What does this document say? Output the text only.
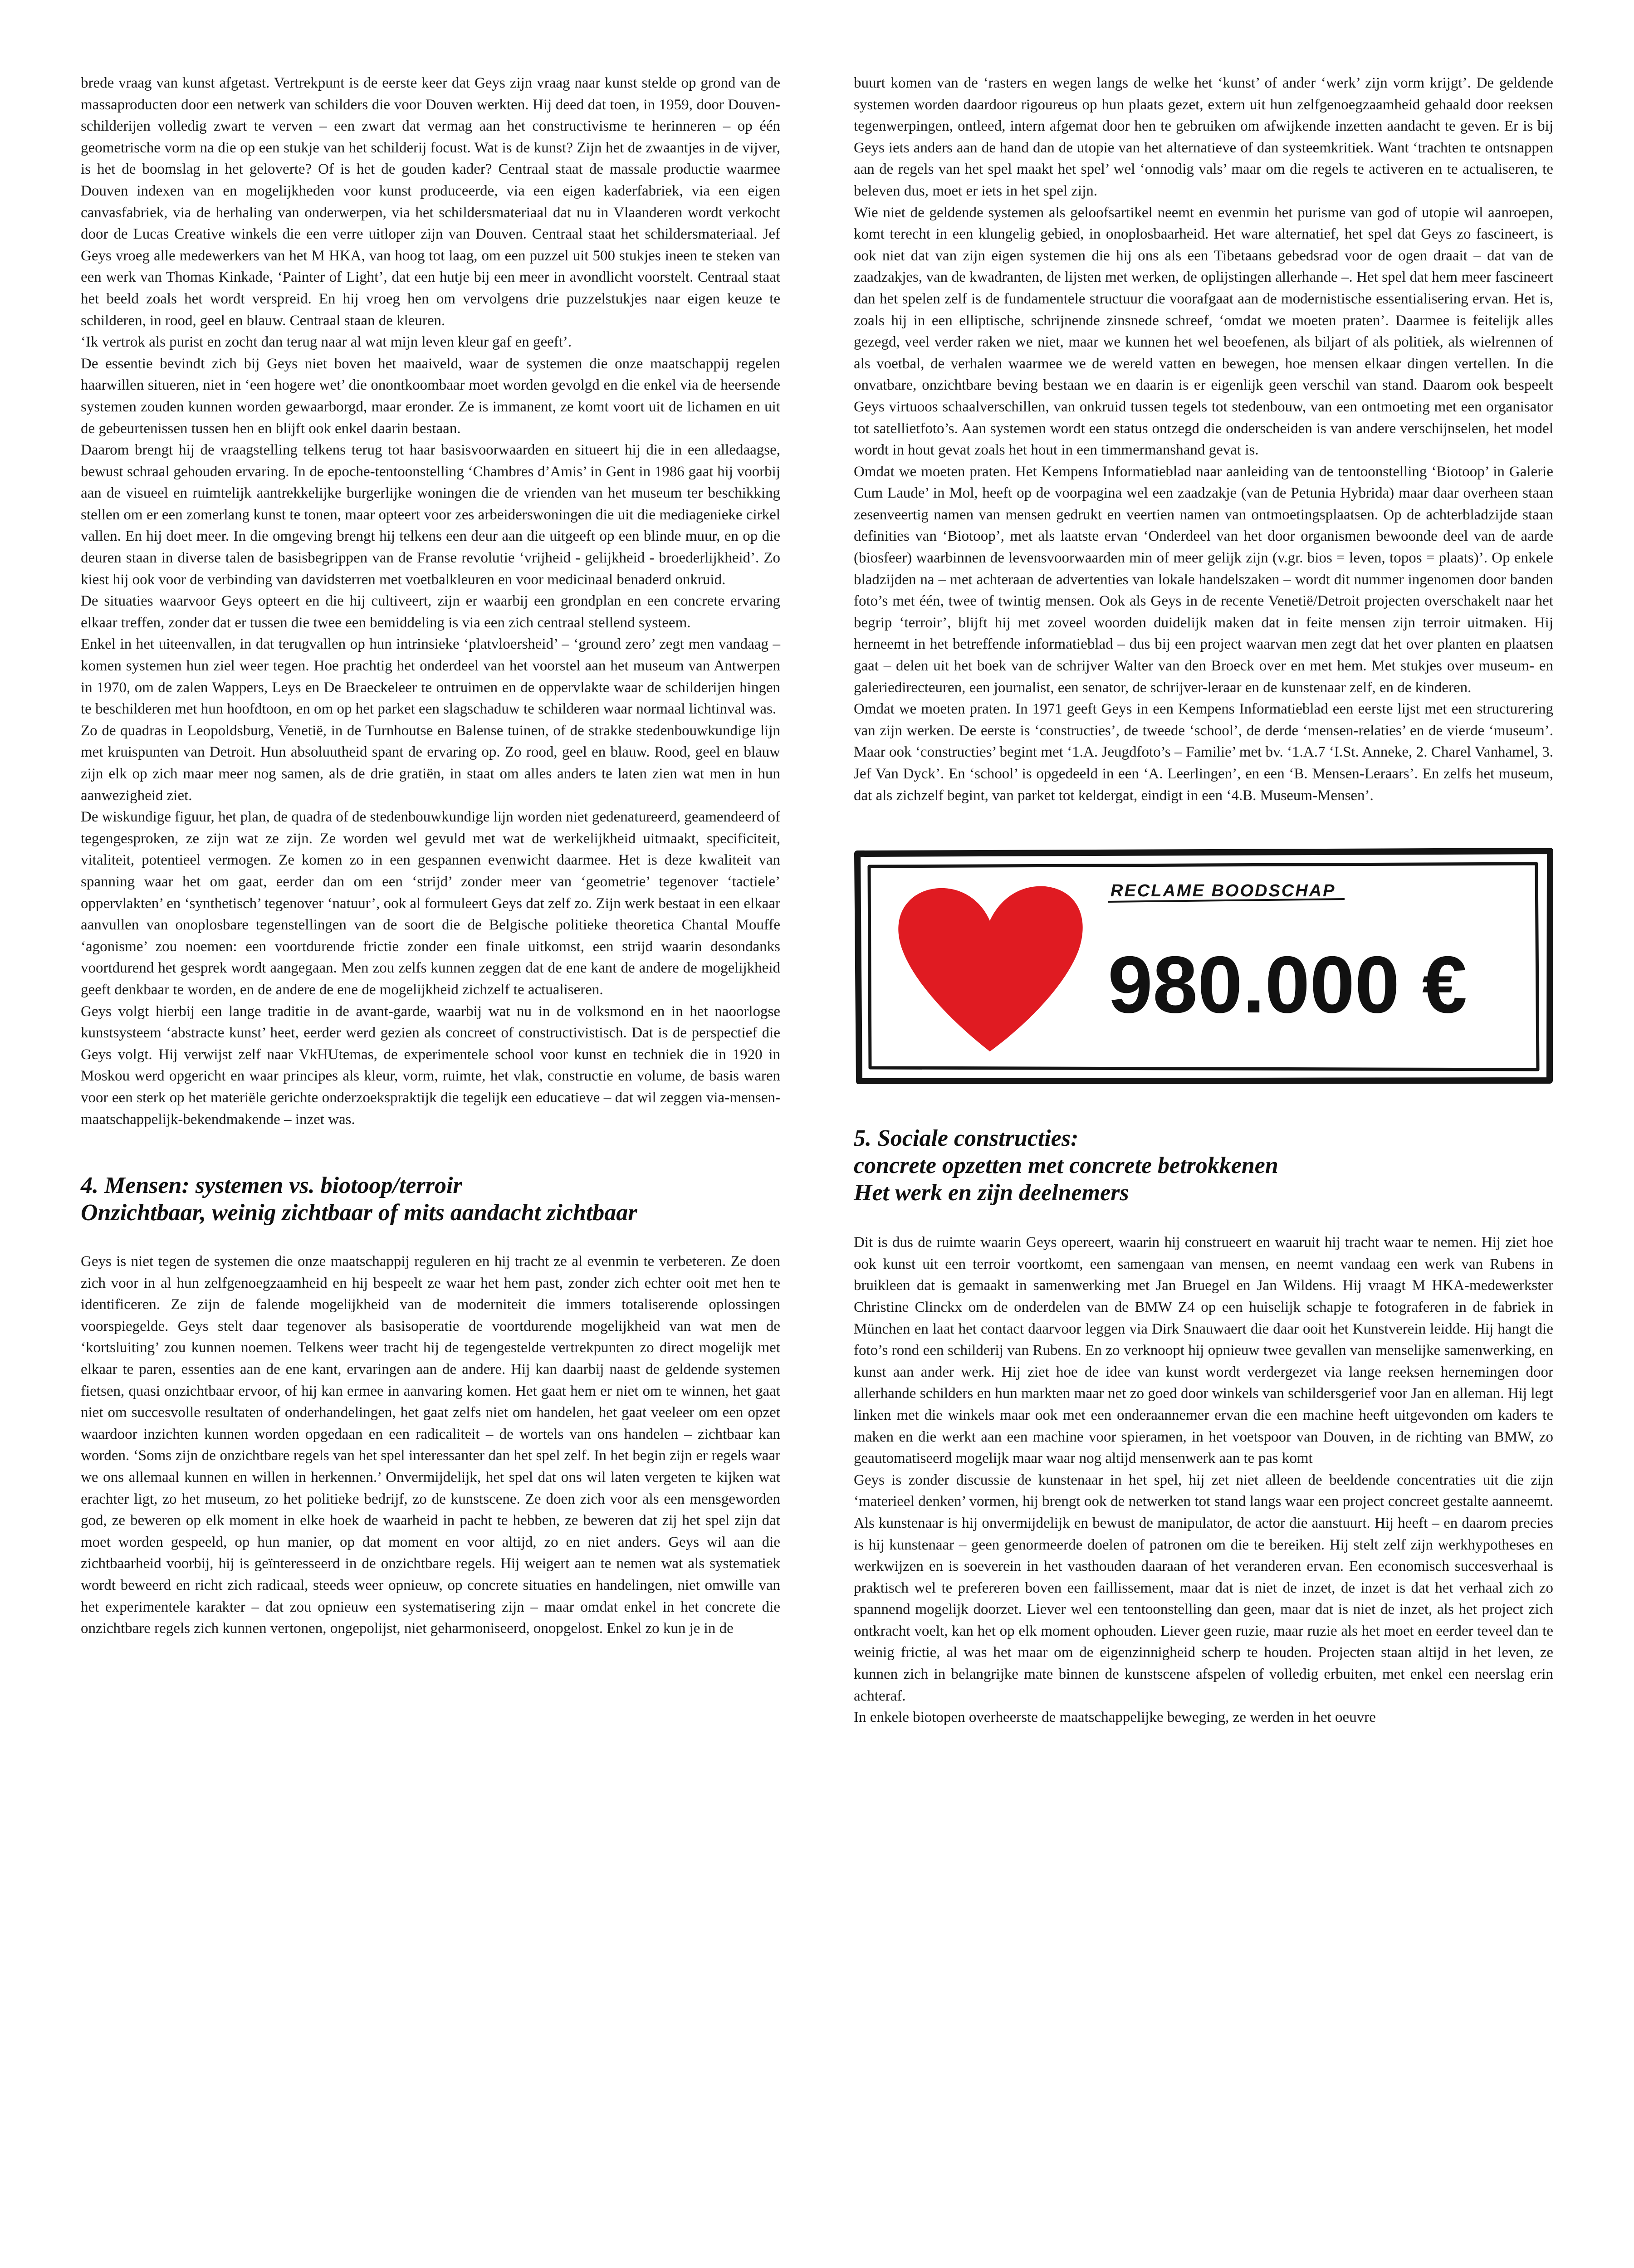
brede vraag van kunst afgetast. Vertrekpunt is de eerste keer dat Geys zijn vraag naar kunst stelde op grond van de massaproducten door een netwerk van schilders die voor Douven werkten. Hij deed dat toen, in 1959, door Douven-schilderijen volledig zwart te verven – een zwart dat vermag aan het constructivisme te herinneren – op één geometrische vorm na die op een stukje van het schilderij focust. Wat is de kunst? Zijn het de zwaantjes in de vijver, is het de boomslag in het geloverte? Of is het de gouden kader? Centraal staat de massale productie waarmee Douven indexen van en mogelijkheden voor kunst produceerde, via een eigen kaderfabriek, via een eigen canvasfabriek, via de herhaling van onderwerpen, via het schildersmateriaal dat nu in Vlaanderen wordt verkocht door de Lucas Creative winkels die een verre uitloper zijn van Douven. Centraal staat het schildersmateriaal. Jef Geys vroeg alle medewerkers van het M HKA, van hoog tot laag, om een puzzel uit 500 stukjes ineen te steken van een werk van Thomas Kinkade, ‘Painter of Light’, dat een hutje bij een meer in avondlicht voorstelt. Centraal staat het beeld zoals het wordt verspreid. En hij vroeg hen om vervolgens drie puzzelstukjes naar eigen keuze te schilderen, in rood, geel en blauw. Centraal staan de kleuren.

‘Ik vertrok als purist en zocht dan terug naar al wat mijn leven kleur gaf en geeft’.

De essentie bevindt zich bij Geys niet boven het maaiveld, waar de systemen die onze maatschappij regelen haarwillen situeren, niet in ‘een hogere wet’ die onontkoombaar moet worden gevolgd en die enkel via de heersende systemen zouden kunnen worden gewaarborgd, maar eronder. Ze is immanent, ze komt voort uit de lichamen en uit de gebeurtenissen tussen hen en blijft ook enkel daarin bestaan.

Daarom brengt hij de vraagstelling telkens terug tot haar basisvoorwaarden en situeert hij die in een alledaagse, bewust schraal gehouden ervaring. In de epoche-tentoonstelling ‘Chambres d’Amis’ in Gent in 1986 gaat hij voorbij aan de visueel en ruimtelijk aantrekkelijke burgerlijke woningen die de vrienden van het museum ter beschikking stellen om er een zomerlang kunst te tonen, maar opteert voor zes arbeiderswoningen die uit die mediagenieke cirkel vallen. En hij doet meer. In die omgeving brengt hij telkens een deur aan die uitgeeft op een blinde muur, en op die deuren staan in diverse talen de basisbegrippen van de Franse revolutie ‘vrijheid - gelijkheid - broederlijkheid’. Zo kiest hij ook voor de verbinding van davidsterren met voetbalkleuren en voor medicinaal benaderd onkruid.

De situaties waarvoor Geys opteert en die hij cultiveert, zijn er waarbij een grondplan en een concrete ervaring elkaar treffen, zonder dat er tussen die twee een bemiddeling is via een zich centraal stellend systeem.

Enkel in het uiteenvallen, in dat terugvallen op hun intrinsieke ‘platvloersheid’ – ‘ground zero’ zegt men vandaag – komen systemen hun ziel weer tegen. Hoe prachtig het onderdeel van het voorstel aan het museum van Antwerpen in 1970, om de zalen Wappers, Leys en De Braeckeleer te ontruimen en de oppervlakte waar de schilderijen hingen te beschilderen met hun hoofdtoon, en om op het parket een slagschaduw te schilderen waar normaal lichtinval was.

Zo de quadras in Leopoldsburg, Venetië, in de Turnhoutse en Balense tuinen, of de strakke stedenbouwkundige lijn met kruispunten van Detroit. Hun absoluutheid spant de ervaring op. Zo rood, geel en blauw. Rood, geel en blauw zijn elk op zich maar meer nog samen, als de drie gratiën, in staat om alles anders te laten zien wat men in hun aanwezigheid ziet.

De wiskundige figuur, het plan, de quadra of de stedenbouwkundige lijn worden niet gedenatureerd, geamendeerd of tegengesproken, ze zijn wat ze zijn. Ze worden wel gevuld met wat de werkelijkheid uitmaakt, specificiteit, vitaliteit, potentieel vermogen. Ze komen zo in een gespannen evenwicht daarmee. Het is deze kwaliteit van spanning waar het om gaat, eerder dan om een ‘strijd’ zonder meer van ‘geometrie’ tegenover ‘tactiele’ oppervlakten’ en ‘synthetisch’ tegenover ‘natuur’, ook al formuleert Geys dat zelf zo. Zijn werk bestaat in een elkaar aanvullen van onoplosbare tegenstellingen van de soort die de Belgische politieke theoretica Chantal Mouffe ‘agonisme’ zou noemen: een voortdurende frictie zonder een finale uitkomst, een strijd waarin desondanks voortdurend het gesprek wordt aangegaan. Men zou zelfs kunnen zeggen dat de ene kant de andere de mogelijkheid geeft denkbaar te worden, en de andere de ene de mogelijkheid zichzelf te actualiseren.

Geys volgt hierbij een lange traditie in de avant-garde, waarbij wat nu in de volksmond en in het naoorlogse kunstsysteem ‘abstracte kunst’ heet, eerder werd gezien als concreet of constructivistisch. Dat is de perspectief die Geys volgt. Hij verwijst zelf naar VkHUtemas, de experimentele school voor kunst en techniek die in 1920 in Moskou werd opgericht en waar principes als kleur, vorm, ruimte, het vlak, constructie en volume, de basis waren voor een sterk op het materiële gerichte onderzoekspraktijk die tegelijk een educatieve – dat wil zeggen via-mensen-maatschappelijk-bekendmakende – inzet was.

4. Mensen: systemen vs. biotoop/terroir
Onzichtbaar, weinig zichtbaar of mits aandacht zichtbaar

Geys is niet tegen de systemen die onze maatschappij reguleren en hij tracht ze al evenmin te verbeteren. Ze doen zich voor in al hun zelfgenoegzaamheid en hij bespeelt ze waar het hem past, zonder zich echter ooit met hen te identificeren. Ze zijn de falende mogelijkheid van de moderniteit die immers totaliserende oplossingen voorspiegelde. Geys stelt daar tegenover als basisoperatie de voortdurende mogelijkheid van wat men de ‘kortsluiting’ zou kunnen noemen. Telkens weer tracht hij de tegengestelde vertrekpunten zo direct mogelijk met elkaar te paren, essenties aan de ene kant, ervaringen aan de andere. Hij kan daarbij naast de geldende systemen fietsen, quasi onzichtbaar ervoor, of hij kan ermee in aanvaring komen. Het gaat hem er niet om te winnen, het gaat niet om succesvolle resultaten of onderhandelingen, het gaat zelfs niet om handelen, het gaat veeleer om een opzet waardoor inzichten kunnen worden opgedaan en een radicaliteit – de wortels van ons handelen – zichtbaar kan worden. ‘Soms zijn de onzichtbare regels van het spel interessanter dan het spel zelf. In het begin zijn er regels waar we ons allemaal kunnen en willen in herkennen.’ Onvermijdelijk, het spel dat ons wil laten vergeten te kijken wat erachter ligt, zo het museum, zo het politieke bedrijf, zo de kunstscene. Ze doen zich voor als een mensgeworden god, ze beweren op elk moment in elke hoek de waarheid in pacht te hebben, ze beweren dat zij het spel zijn dat moet worden gespeeld, op hun manier, op dat moment en voor altijd, zo en niet anders. Geys wil aan die zichtbaarheid voorbij, hij is geïnteresseerd in de onzichtbare regels. Hij weigert aan te nemen wat als systematiek wordt beweerd en richt zich radicaal, steeds weer opnieuw, op concrete situaties en handelingen, niet omwille van het experimentele karakter – dat zou opnieuw een systematisering zijn – maar omdat enkel in het concrete die onzichtbare regels zich kunnen vertonen, ongepolijst, niet geharmoniseerd, onopgelost. Enkel zo kun je in de

buurt komen van de ‘rasters en wegen langs de welke het ‘kunst’ of ander ‘werk’ zijn vorm krijgt’. De geldende systemen worden daardoor rigoureus op hun plaats gezet, extern uit hun zelfgenoegzaamheid gehaald door reeksen tegenwerpingen, ontleed, intern afgemat door hen te gebruiken om afwijkende inzetten aandacht te geven. Er is bij Geys iets anders aan de hand dan de utopie van het alternatieve of dan systeemkritiek. Want ‘trachten te ontsnappen aan de regels van het spel maakt het spel’ wel ‘onnodig vals’ maar om die regels te activeren en te actualiseren, te beleven dus, moet er iets in het spel zijn.

Wie niet de geldende systemen als geloofsartikel neemt en evenmin het purisme van god of utopie wil aanroepen, komt terecht in een klungelig gebied, in onoplosbaarheid. Het ware alternatief, het spel dat Geys zo fascineert, is ook niet dat van zijn eigen systemen die hij ons als een Tibetaans gebedsrad voor de ogen draait – dat van de zaadzakjes, van de kwadranten, de lijsten met werken, de oplijstingen allerhande –. Het spel dat hem meer fascineert dan het spelen zelf is de fundamentele structuur die voorafgaat aan de modernistische essentialisering ervan. Het is, zoals hij in een elliptische, schrijnende zinsnede schreef, ‘omdat we moeten praten’. Daarmee is feitelijk alles gezegd, veel verder raken we niet, maar we kunnen het wel beoefenen, als biljart of als politiek, als wielrennen of als voetbal, de verhalen waarmee we de wereld vatten en bewegen, hoe mensen elkaar dingen vertellen. In die onvatbare, onzichtbare beving bestaan we en daarin is er eigenlijk geen verschil van stand. Daarom ook bespeelt Geys virtuoos schaalverschillen, van onkruid tussen tegels tot stedenbouw, van een ontmoeting met een organisator tot satellietfoto’s. Aan systemen wordt een status ontzegd die onderscheiden is van andere verschijnselen, het model wordt in hout gevat zoals het hout in een timmermanshand gevat is.

Omdat we moeten praten. Het Kempens Informatieblad naar aanleiding van de tentoonstelling ‘Biotoop’ in Galerie Cum Laude’ in Mol, heeft op de voorpagina wel een zaadzakje (van de Petunia Hybrida) maar daar overheen staan zesenveertig namen van mensen gedrukt en veertien namen van ontmoetingsplaatsen. Op de achterbladzijde staan definities van ‘Biotoop’, met als laatste ervan ‘Onderdeel van het door organismen bewoonde deel van de aarde (biosfeer) waarbinnen de levensvoorwaarden min of meer gelijk zijn (v.gr. bios = leven, topos = plaats)’. Op enkele bladzijden na – met achteraan de advertenties van lokale handelszaken – wordt dit nummer ingenomen door banden foto’s met één, twee of twintig mensen. Ook als Geys in de recente Venetië/Detroit projecten overschakelt naar het begrip ‘terroir’, blijft hij met zoveel woorden duidelijk maken dat in feite mensen zijn terroir uitmaken. Hij herneemt in het betreffende informatieblad – dus bij een project waarvan men zegt dat het over planten en plaatsen gaat – delen uit het boek van de schrijver Walter van den Broeck over en met hem. Met stukjes over museum- en galeriedirecteuren, een journalist, een senator, de schrijver-leraar en de kunstenaar zelf, en de kinderen.

Omdat we moeten praten. In 1971 geeft Geys in een Kempens Informatieblad een eerste lijst met een structurering van zijn werken. De eerste is ‘constructies’, de tweede ‘school’, de derde ‘mensen-relaties’ en de vierde ‘museum’. Maar ook ‘constructies’ begint met ‘1.A. Jeugdfoto’s – Familie’ met bv. ‘1.A.7 ‘I.St. Anneke, 2. Charel Vanhamel, 3. Jef Van Dyck’. En ‘school’ is opgedeeld in een ‘A. Leerlingen’, en een ‘B. Mensen-Leraars’. En zelfs het museum, dat als zichzelf begint, van parket tot keldergat, eindigt in een ‘4.B. Museum-Mensen’.

RECLAME BOODSCHAP
980.000 €
5. Sociale constructies:
concrete opzetten met concrete betrokkenen
Het werk en zijn deelnemers

Dit is dus de ruimte waarin Geys opereert, waarin hij construeert en waaruit hij tracht waar te nemen. Hij ziet hoe ook kunst uit een terroir voortkomt, een samengaan van mensen, en neemt vandaag een werk van Rubens in bruikleen dat is gemaakt in samenwerking met Jan Bruegel en Jan Wildens. Hij vraagt M HKA-medewerkster Christine Clinckx om de onderdelen van de BMW Z4 op een huiselijk schapje te fotograferen in de fabriek in München en laat het contact daarvoor leggen via Dirk Snauwaert die daar ooit het Kunstverein leidde. Hij hangt die foto’s rond een schilderij van Rubens. En zo verknoopt hij opnieuw twee gevallen van menselijke samenwerking, en kunst aan ander werk. Hij ziet hoe de idee van kunst wordt verdergezet via lange reeksen hernemingen door allerhande schilders en hun markten maar net zo goed door winkels van schildersgerief voor Jan en alleman. Hij legt linken met die winkels maar ook met een onderaannemer ervan die een machine heeft uitgevonden om kaders te maken en die werkt aan een machine voor spieramen, in het voetspoor van Douven, in de richting van BMW, zo geautomatiseerd mogelijk maar waar nog altijd mensenwerk aan te pas komt

Geys is zonder discussie de kunstenaar in het spel, hij zet niet alleen de beeldende concentraties uit die zijn ‘materieel denken’ vormen, hij brengt ook de netwerken tot stand langs waar een project concreet gestalte aanneemt. Als kunstenaar is hij onvermijdelijk en bewust de manipulator, de actor die aanstuurt. Hij heeft – en daarom precies is hij kunstenaar – geen genormeerde doelen of patronen om die te bereiken. Hij stelt zelf zijn werkhypotheses en werkwijzen en is soeverein in het vasthouden daaraan of het veranderen ervan. Een economisch succesverhaal is praktisch wel te prefereren boven een faillissement, maar dat is niet de inzet, de inzet is dat het verhaal zich zo spannend mogelijk doorzet. Liever wel een tentoonstelling dan geen, maar dat is niet de inzet, als het project zich ontkracht voelt, kan het op elk moment ophouden. Liever geen ruzie, maar ruzie als het moet en eerder teveel dan te weinig frictie, al was het maar om de eigenzinnigheid scherp te houden. Projecten staan altijd in het leven, ze kunnen zich in belangrijke mate binnen de kunstscene afspelen of volledig erbuiten, met enkel een neerslag erin achteraf.

In enkele biotopen overheerste de maatschappelijke beweging, ze werden in het oeuvre
